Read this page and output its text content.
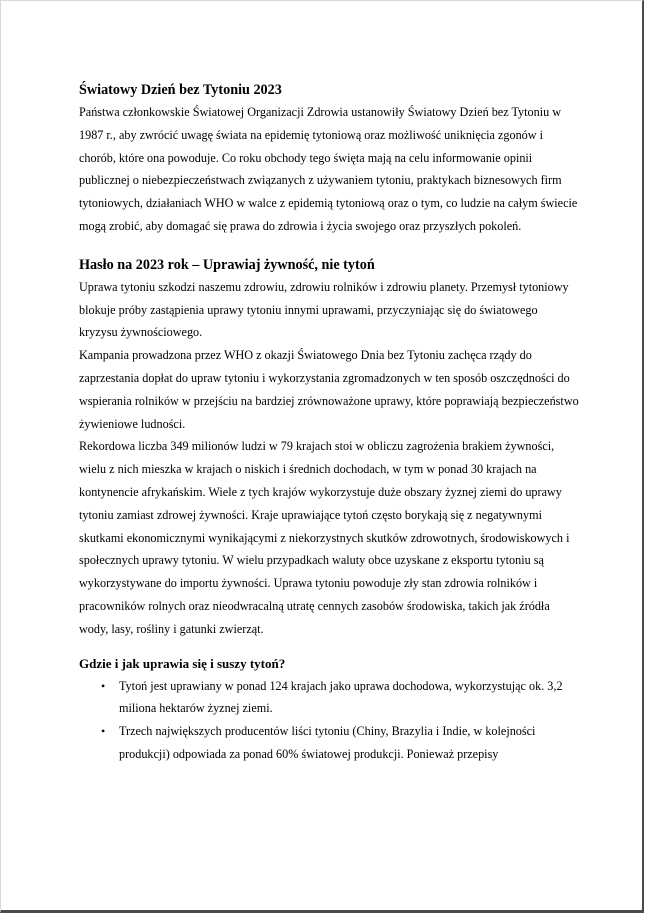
Światowy Dzień bez Tytoniu 2023

Państwa członkowskie Światowej Organizacji Zdrowia ustanowiły Światowy Dzień bez Tytoniu w 1987 r., aby zwrócić uwagę świata na epidemię tytoniową oraz możliwość uniknięcia zgonów i chorób, które ona powoduje. Co roku obchody tego święta mają na celu informowanie opinii publicznej o niebezpieczeństwach związanych z używaniem tytoniu, praktykach biznesowych firm tytoniowych, działaniach WHO w walce z epidemią tytoniową oraz o tym, co ludzie na całym świecie mogą zrobić, aby domagać się prawa do zdrowia i życia swojego oraz przyszłych pokoleń.

Hasło na 2023 rok – Uprawiaj żywność, nie tytoń

Uprawa tytoniu szkodzi naszemu zdrowiu, zdrowiu rolników i zdrowiu planety. Przemysł tytoniowy blokuje próby zastąpienia uprawy tytoniu innymi uprawami, przyczyniając się do światowego kryzysu żywnościowego.

Kampania prowadzona przez WHO z okazji Światowego Dnia bez Tytoniu zachęca rządy do zaprzestania dopłat do upraw tytoniu i wykorzystania zgromadzonych w ten sposób oszczędności do wspierania rolników w przejściu na bardziej zrównoważone uprawy, które poprawiają bezpieczeństwo żywieniowe ludności.

Rekordowa liczba 349 milionów ludzi w 79 krajach stoi w obliczu zagrożenia brakiem żywności, wielu z nich mieszka w krajach o niskich i średnich dochodach, w tym w ponad 30 krajach na kontynencie afrykańskim. Wiele z tych krajów wykorzystuje duże obszary żyznej ziemi do uprawy tytoniu zamiast zdrowej żywności. Kraje uprawiające tytoń często borykają się z negatywnymi skutkami ekonomicznymi wynikającymi z niekorzystnych skutków zdrowotnych, środowiskowych i społecznych uprawy tytoniu. W wielu przypadkach waluty obce uzyskane z eksportu tytoniu są wykorzystywane do importu żywności. Uprawa tytoniu powoduje zły stan zdrowia rolników i pracowników rolnych oraz nieodwracalną utratę cennych zasobów środowiska, takich jak źródła wody, lasy, rośliny i gatunki zwierząt.

Gdzie i jak uprawia się i suszy tytoń?
• Tytoń jest uprawiany w ponad 124 krajach jako uprawa dochodowa, wykorzystując ok. 3,2 miliona hektarów żyznej ziemi.
• Trzech największych producentów liści tytoniu (Chiny, Brazylia i Indie, w kolejności produkcji) odpowiada za ponad 60% światowej produkcji. Ponieważ przepisy
